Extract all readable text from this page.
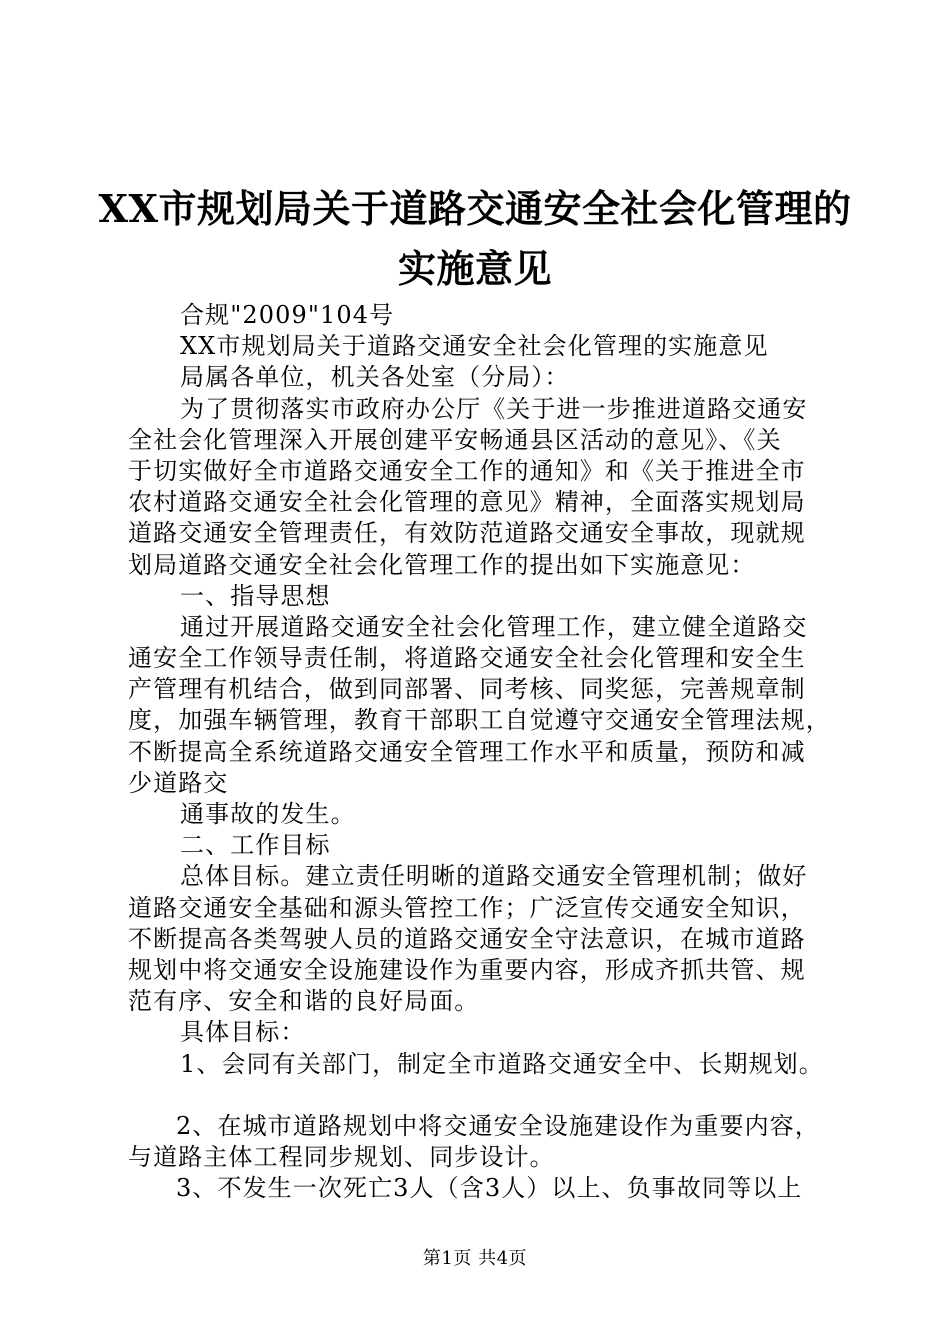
XX市规划局关于道路交通安全社会化管理的
实施意见
合规"2009"104号
XX市规划局关于道路交通安全社会化管理的实施意见
局属各单位，机关各处室（分局）：
为了贯彻落实市政府办公厅《关于进一步推进道路交通安
全社会化管理深入开展创建平安畅通县区活动的意见》、《关
于切实做好全市道路交通安全工作的通知》和《关于推进全市
农村道路交通安全社会化管理的意见》精神，全面落实规划局
道路交通安全管理责任，有效防范道路交通安全事故，现就规
划局道路交通安全社会化管理工作的提出如下实施意见：
一、指导思想
通过开展道路交通安全社会化管理工作，建立健全道路交
通安全工作领导责任制，将道路交通安全社会化管理和安全生
产管理有机结合，做到同部署、同考核、同奖惩，完善规章制
度，加强车辆管理，教育干部职工自觉遵守交通安全管理法规，
不断提高全系统道路交通安全管理工作水平和质量，预防和减
少道路交
通事故的发生。
二、工作目标
总体目标。建立责任明晰的道路交通安全管理机制；做好
道路交通安全基础和源头管控工作；广泛宣传交通安全知识，
不断提高各类驾驶人员的道路交通安全守法意识，在城市道路
规划中将交通安全设施建设作为重要内容，形成齐抓共管、规
范有序、安全和谐的良好局面。
具体目标：
1、会同有关部门，制定全市道路交通安全中、长期规划。
2、在城市道路规划中将交通安全设施建设作为重要内容，
与道路主体工程同步规划、同步设计。
3、不发生一次死亡3人（含3人）以上、负事故同等以上
第1页 共4页
